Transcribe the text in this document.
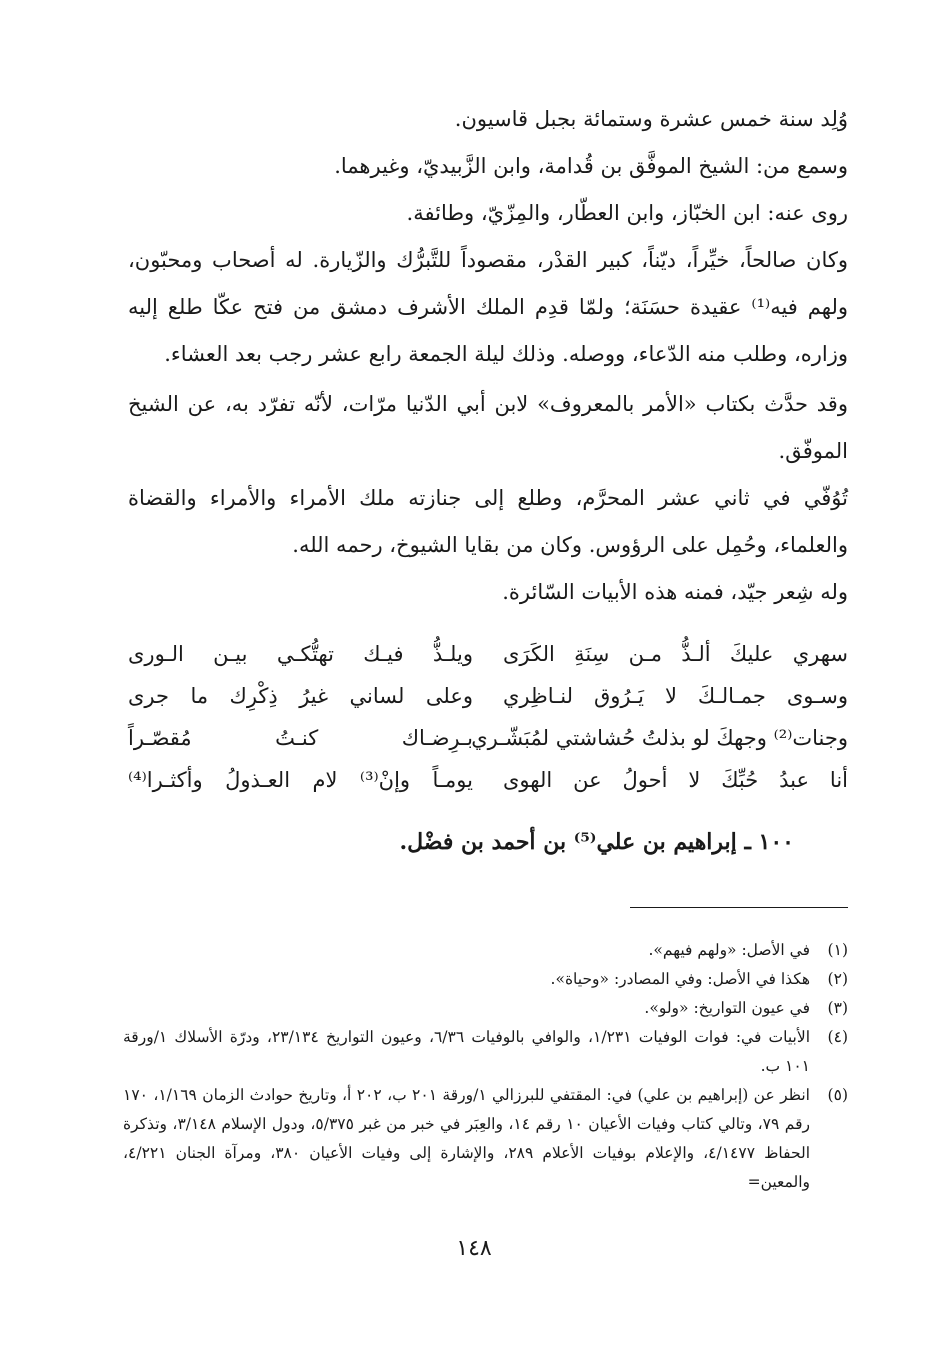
وُلِد سنة خمس عشرة وستمائة بجبل قاسيون.

وسمع من: الشيخ الموفَّق بن قُدامة، وابن الزَّبيديّ، وغيرهما.

روى عنه: ابن الخبّاز، وابن العطّار، والمِزّيّ، وطائفة.

وكان صالحاً، خيِّراً، ديّناً، كبير القدْر، مقصوداً للتَّبرُّك والزّيارة. له أصحاب ومحبّون، ولهم فيه⁽¹⁾ عقيدة حسَنَة؛ ولمّا قدِم الملك الأشرف دمشق من فتح عكّا طلع إليه وزاره، وطلب منه الدّعاء، ووصله. وذلك ليلة الجمعة رابع عشر رجب بعد العشاء.

وقد حدَّث بكتاب «الأمر بالمعروف» لابن أبي الدّنيا مرّات، لأنّه تفرّد به، عن الشيخ الموفّق.

تُوُفّي في ثاني عشر المحرَّم، وطلع إلى جنازته ملك الأمراء والأمراء والقضاة والعلماء، وحُمِل على الرؤوس. وكان من بقايا الشيوخ، رحمه الله.

وله شِعر جيّد، فمنه هذه الأبيات السّائرة.

سهري عليكَ ألـذُّ مـن سِنَةِ الكَرَى
ويلـذُّ فيـك تهتُّكـي بيـن الـورى
وسـوى جمـالـكَ لا يَـرُوق لنـاظِري
وعلى لساني غيرُ ذِكْرِك ما جرى
وجنات⁽²⁾ وجهكَ لو بذلتُ حُشاشتي لمُبَشّـري
بـرِضـاك كنـتُ مُقصّـراً
أنا عبدُ حُبِّكَ لا أحولُ عن الهوى
يومـاً وإنْ⁽³⁾ لام العـذولُ وأكثـرا⁽⁴⁾
١٠٠ ـ إبراهيم بن علي⁽⁵⁾ بن أحمد بن فضْل.
(١)
في الأصل: «ولهم فيهم».
(٢)
هكذا في الأصل: وفي المصادر: «وحياة».
(٣)
في عيون التواريخ: «ولو».
(٤)
الأبيات في: فوات الوفيات ١/٢٣١، والوافي بالوفيات ٦/٣٦، وعيون التواريخ ٢٣/١٣٤، ودرّة الأسلاك ١/ورقة ١٠١ ب.
(٥)
انظر عن (إبراهيم بن علي) في: المقتفي للبرزالي ١/ورقة ٢٠١ ب، ٢٠٢ أ، وتاريخ حوادث الزمان ١/١٦٩، ١٧٠ رقم ٧٩، وتالي كتاب وفيات الأعيان ١٠ رقم ١٤، والعِبَر في خبر من غبر ٥/٣٧٥، ودول الإسلام ٣/١٤٨، وتذكرة الحفاظ ٤/١٤٧٧، والإعلام بوفيات الأعلام ٢٨٩، والإشارة إلى وفيات الأعيان ٣٨٠، ومرآة الجنان ٤/٢٢١، والمعين=
١٤٨
